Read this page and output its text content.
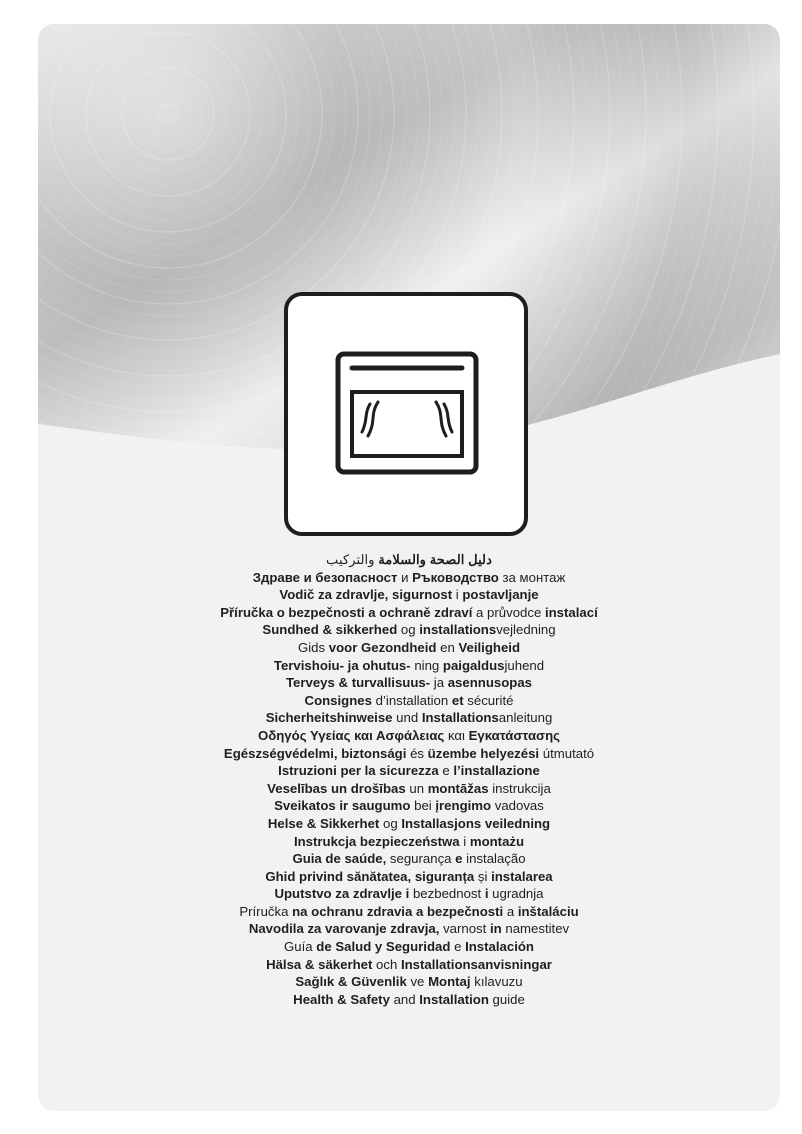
دليل الصحة والسلامة والتركيب
Здраве и безопасност и Ръководство за монтаж
Vodič za zdravlje, sigurnost i postavljanje
Příručka o bezpečnosti a ochraně zdraví a průvodce instalací
Sundhed & sikkerhed og installationsvejledning
Gids voor Gezondheid en Veiligheid
Tervishoiu- ja ohutus- ning paigaldusjuhend
Terveys & turvallisuus- ja asennusopas
Consignes d’installation et sécurité
Sicherheitshinweise und Installationsanleitung
Οδηγός Υγείας και Ασφάλειας και Εγκατάστασης
Egészségvédelmi, biztonsági és üzembe helyezési útmutató
Istruzioni per la sicurezza e l’installazione
Veselības un drošības un montāžas instrukcija
Sveikatos ir saugumo bei įrengimo vadovas
Helse & Sikkerhet og Installasjons veiledning
Instrukcja bezpieczeństwa i montażu
Guia de saúde, segurança e instalação
Ghid privind sănătatea, siguranța și instalarea
Uputstvo za zdravlje i bezbednost i ugradnja
Príručka na ochranu zdravia a bezpečnosti a inštaláciu
Navodila za varovanje zdravja, varnost in namestitev
Guía de Salud y Seguridad e Instalación
Hälsa & säkerhet och Installationsanvisningar
Sağlık & Güvenlik ve Montaj kılavuzu
Health & Safety and Installation guide
